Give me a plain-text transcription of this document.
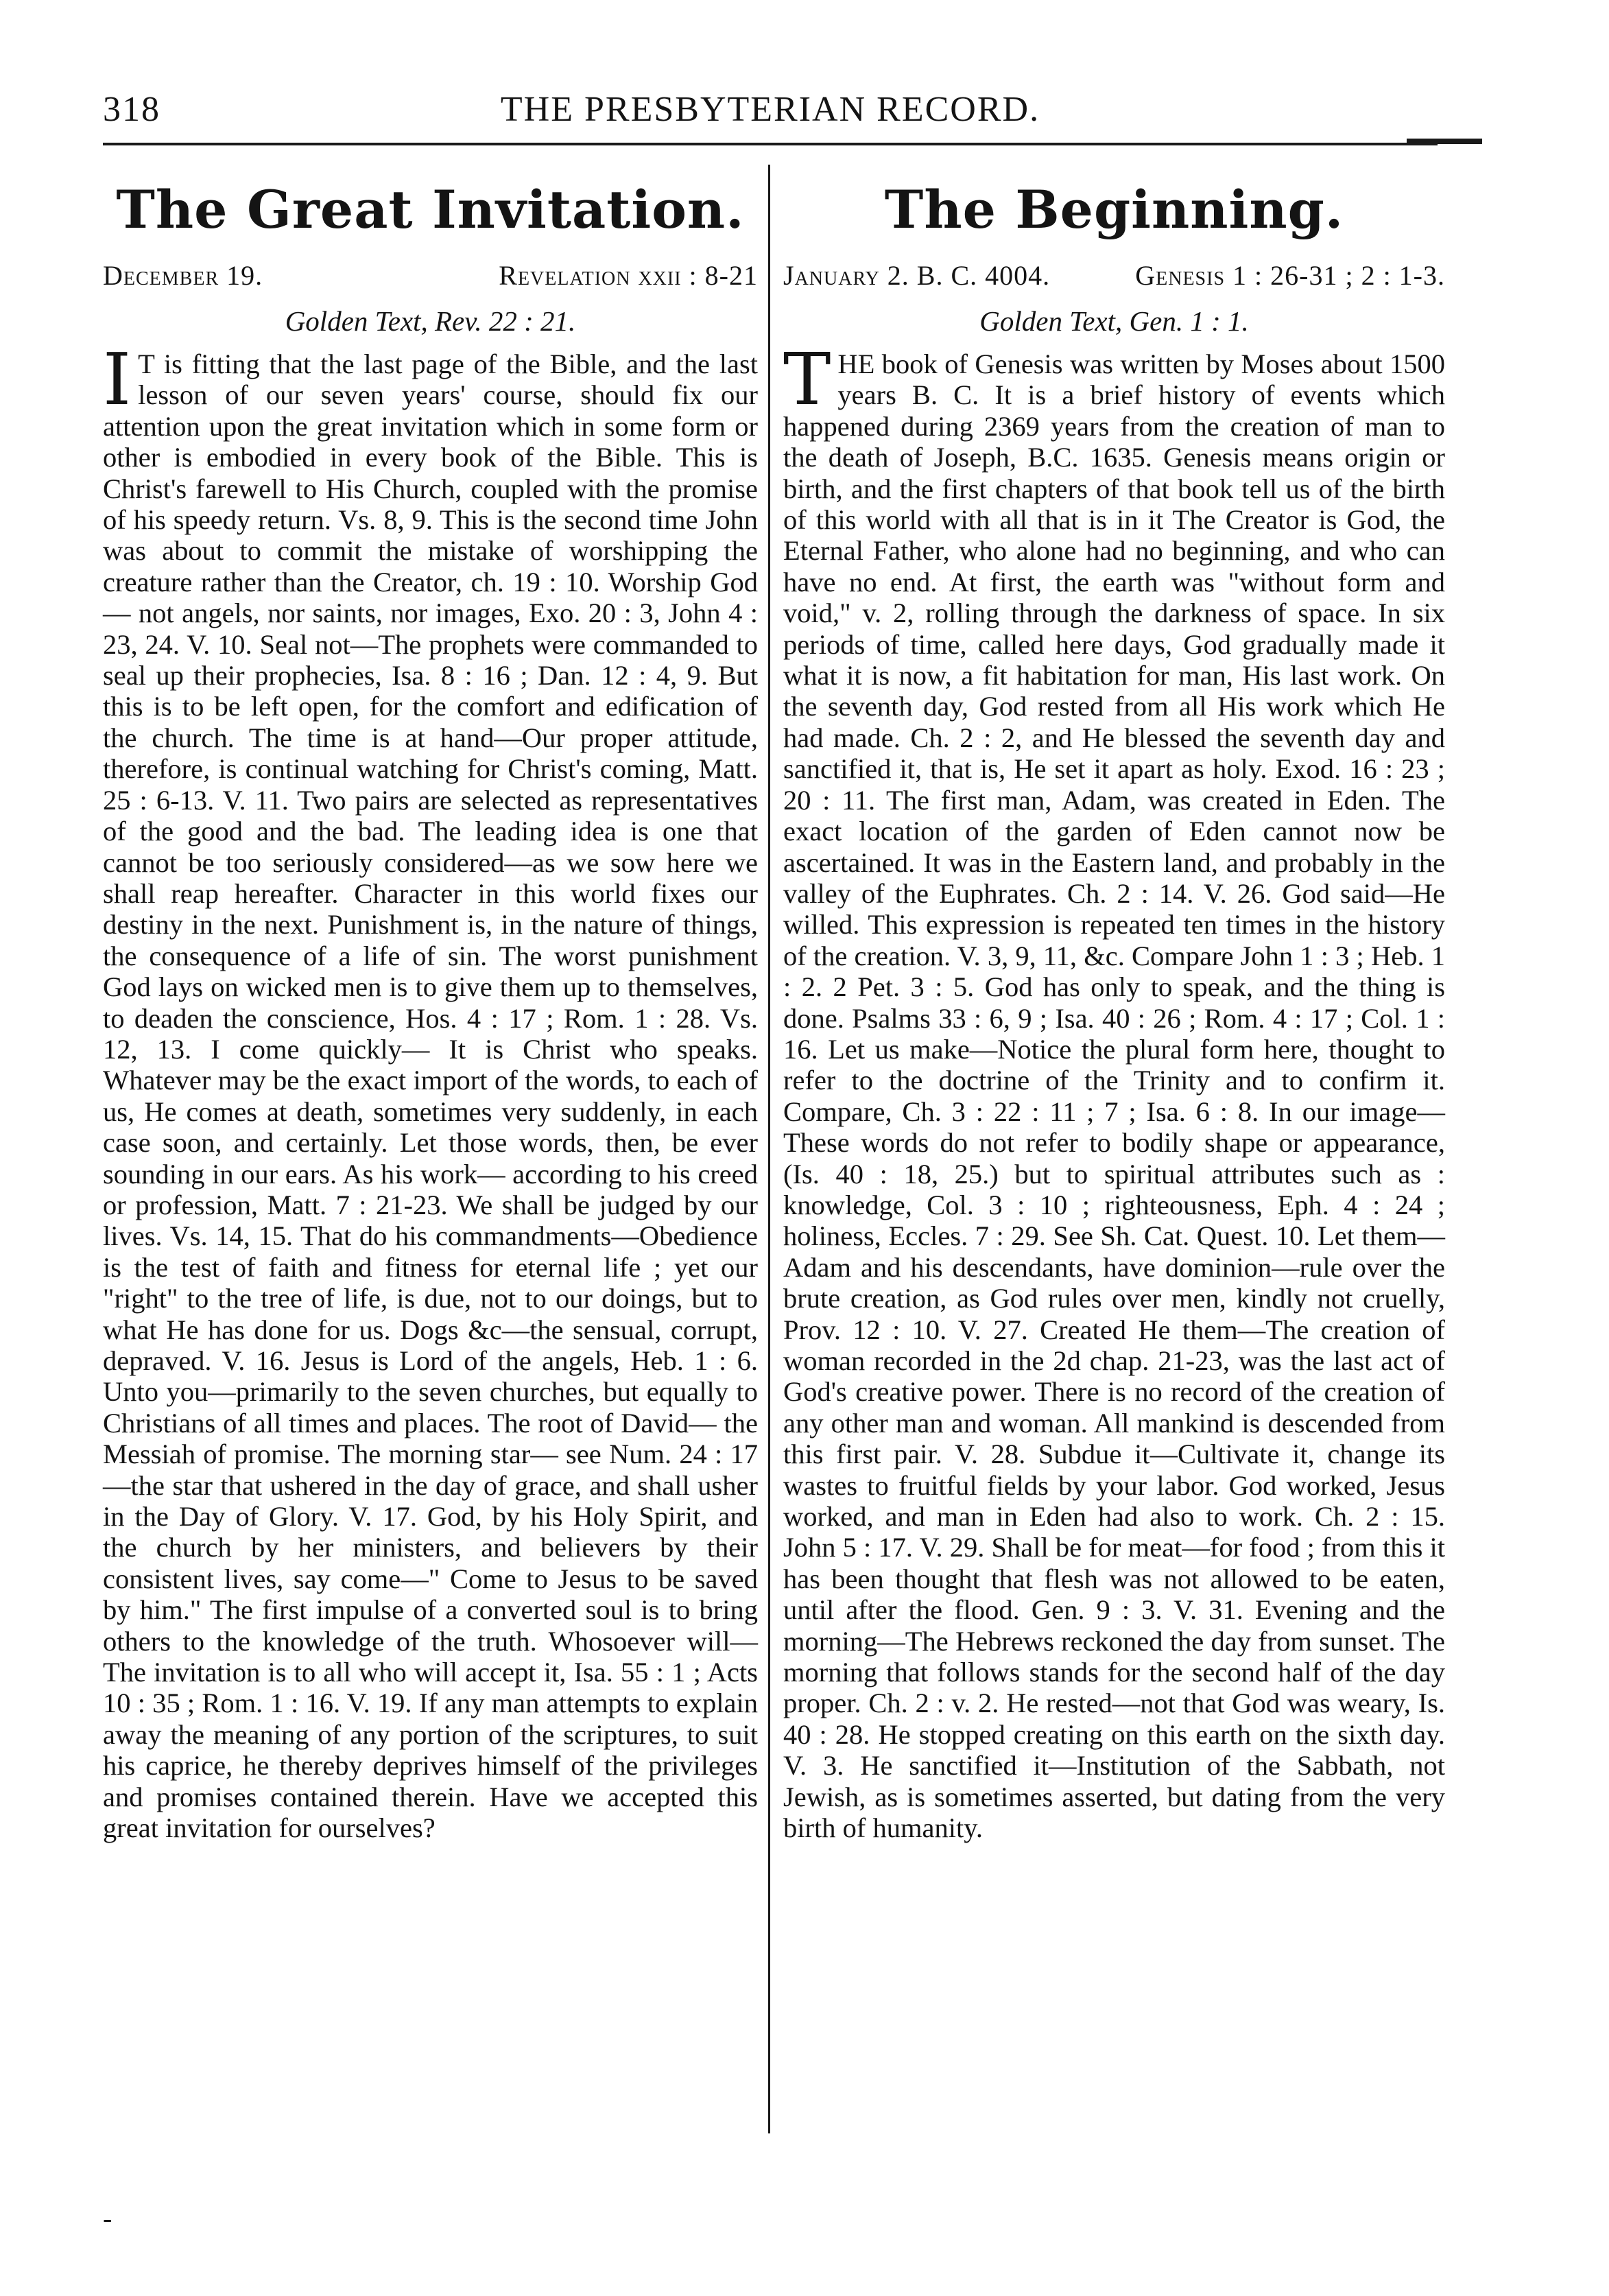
318	THE PRESBYTERIAN RECORD.
The Great Invitation.
December 19.	Revelation xxii : 8-21
Golden Text, Rev. 22 : 21.
I T is fitting that the last page of the Bible, and the last lesson of our seven years' course, should fix our attention upon the great invitation which in some form or other is embodied in every book of the Bible. This is Christ's farewell to His Church, coupled with the promise of his speedy return. Vs. 8, 9. This is the second time John was about to commit the mistake of worshipping the creature rather than the Creator, ch. 19 : 10. Worship God— not angels, nor saints, nor images, Exo. 20 : 3, John 4 : 23, 24. V. 10. Seal not—The prophets were commanded to seal up their prophecies, Isa. 8 : 16 ; Dan. 12 : 4, 9. But this is to be left open, for the comfort and edification of the church. The time is at hand—Our proper attitude, therefore, is continual watching for Christ's coming, Matt. 25 : 6-13. V. 11. Two pairs are selected as representatives of the good and the bad. The leading idea is one that cannot be too seriously considered—as we sow here we shall reap hereafter. Character in this world fixes our destiny in the next. Punishment is, in the nature of things, the consequence of a life of sin. The worst punishment God lays on wicked men is to give them up to themselves, to deaden the conscience, Hos. 4 : 17 ; Rom. 1 : 28. Vs. 12, 13. I come quickly— It is Christ who speaks. Whatever may be the exact import of the words, to each of us, He comes at death, sometimes very suddenly, in each case soon, and certainly. Let those words, then, be ever sounding in our ears. As his work— according to his creed or profession, Matt. 7 : 21-23. We shall be judged by our lives. Vs. 14, 15. That do his commandments—Obedience is the test of faith and fitness for eternal life ; yet our "right" to the tree of life, is due, not to our doings, but to what He has done for us. Dogs &c—the sensual, corrupt, depraved. V. 16. Jesus is Lord of the angels, Heb. 1 : 6. Unto you—primarily to the seven churches, but equally to Christians of all times and places. The root of David— the Messiah of promise. The morning star— see Num. 24 : 17—the star that ushered in the day of grace, and shall usher in the Day of Glory. V. 17. God, by his Holy Spirit, and the church by her ministers, and believers by their consistent lives, say come—" Come to Jesus to be saved by him." The first impulse of a converted soul is to bring others to the knowledge of the truth. Whosoever will—The invitation is to all who will accept it, Isa. 55 : 1 ; Acts 10 : 35 ; Rom. 1 : 16. V. 19. If any man attempts to explain away the meaning of any portion of the scriptures, to suit his caprice, he thereby deprives himself of the privileges and promises contained therein. Have we accepted this great invitation for ourselves?
The Beginning.
January 2. B. C. 4004.	Genesis 1 : 26-31 ; 2 : 1-3.
Golden Text, Gen. 1 : 1.
THE book of Genesis was written by Moses about 1500 years B. C. It is a brief history of events which happened during 2369 years from the creation of man to the death of Joseph, B.C. 1635. Genesis means origin or birth, and the first chapters of that book tell us of the birth of this world with all that is in it The Creator is God, the Eternal Father, who alone had no beginning, and who can have no end. At first, the earth was "without form and void," v. 2, rolling through the darkness of space. In six periods of time, called here days, God gradually made it what it is now, a fit habitation for man, His last work. On the seventh day, God rested from all His work which He had made. Ch. 2 : 2, and He blessed the seventh day and sanctified it, that is, He set it apart as holy. Exod. 16 : 23 ; 20 : 11. The first man, Adam, was created in Eden. The exact location of the garden of Eden cannot now be ascertained. It was in the Eastern land, and probably in the valley of the Euphrates. Ch. 2 : 14. V. 26. God said—He willed. This expression is repeated ten times in the history of the creation. V. 3, 9, 11, &c. Compare John 1 : 3 ; Heb. 1 : 2. 2 Pet. 3 : 5. God has only to speak, and the thing is done. Psalms 33 : 6, 9 ; Isa. 40 : 26 ; Rom. 4 : 17 ; Col. 1 : 16. Let us make—Notice the plural form here, thought to refer to the doctrine of the Trinity and to confirm it. Compare, Ch. 3 : 22 : 11 ; 7 ; Isa. 6 : 8. In our image—These words do not refer to bodily shape or appearance, (Is. 40 : 18, 25.) but to spiritual attributes such as : knowledge, Col. 3 : 10 ; righteousness, Eph. 4 : 24 ; holiness, Eccles. 7 : 29. See Sh. Cat. Quest. 10. Let them—Adam and his descendants, have dominion—rule over the brute creation, as God rules over men, kindly not cruelly, Prov. 12 : 10. V. 27. Created He them—The creation of woman recorded in the 2d chap. 21-23, was the last act of God's creative power. There is no record of the creation of any other man and woman. All mankind is descended from this first pair. V. 28. Subdue it—Cultivate it, change its wastes to fruitful fields by your labor. God worked, Jesus worked, and man in Eden had also to work. Ch. 2 : 15. John 5 : 17. V. 29. Shall be for meat—for food ; from this it has been thought that flesh was not allowed to be eaten, until after the flood. Gen. 9 : 3. V. 31. Evening and the morning—The Hebrews reckoned the day from sunset. The morning that follows stands for the second half of the day proper. Ch. 2 : v. 2. He rested—not that God was weary, Is. 40 : 28. He stopped creating on this earth on the sixth day. V. 3. He sanctified it—Institution of the Sabbath, not Jewish, as is sometimes asserted, but dating from the very birth of humanity.
-
